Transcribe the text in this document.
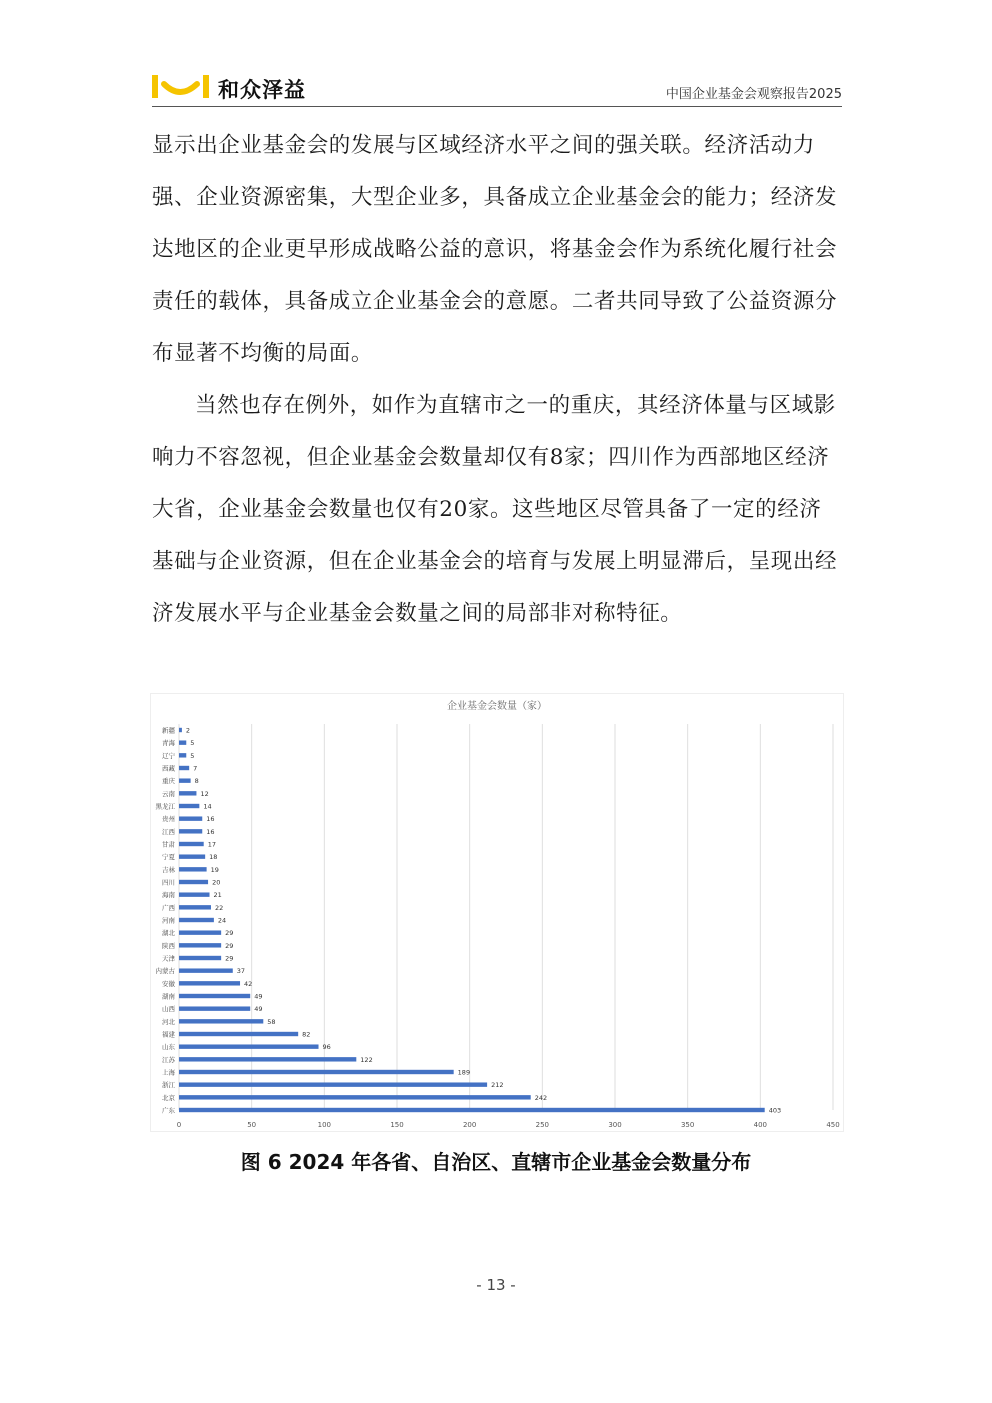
和众泽益	中国企业基金会观察报告2025

显示出企业基金会的发展与区域经济水平之间的强关联。经济活动力强、企业资源密集，大型企业多，具备成立企业基金会的能力；经济发达地区的企业更早形成战略公益的意识，将基金会作为系统化履行社会责任的载体，具备成立企业基金会的意愿。二者共同导致了公益资源分布显著不均衡的局面。

当然也存在例外，如作为直辖市之一的重庆，其经济体量与区域影响力不容忽视，但企业基金会数量却仅有8家；四川作为西部地区经济大省，企业基金会数量也仅有20家。这些地区尽管具备了一定的经济基础与企业资源，但在企业基金会的培育与发展上明显滞后，呈现出经济发展水平与企业基金会数量之间的局部非对称特征。

企业基金会数量（家）
0	50	100	150	200	250	300	350	400	450
新疆 2
青海 5
辽宁 5
西藏	7
重庆	8
云南	12
黑龙江	14
贵州	16
江西	16
甘肃	17
宁夏	18
吉林	19
四川	20
海南	21
广西	22
河南	24
湖北	29
陕西	29
天津	29
内蒙古	37
安徽	42
湖南	49
山西	49
河北	58
福建	82
山东	96
江苏	122
上海	189
浙江	212
北京	242
广东	403
图 6 2024 年各省、自治区、直辖市企业基金会数量分布
- 13 -
